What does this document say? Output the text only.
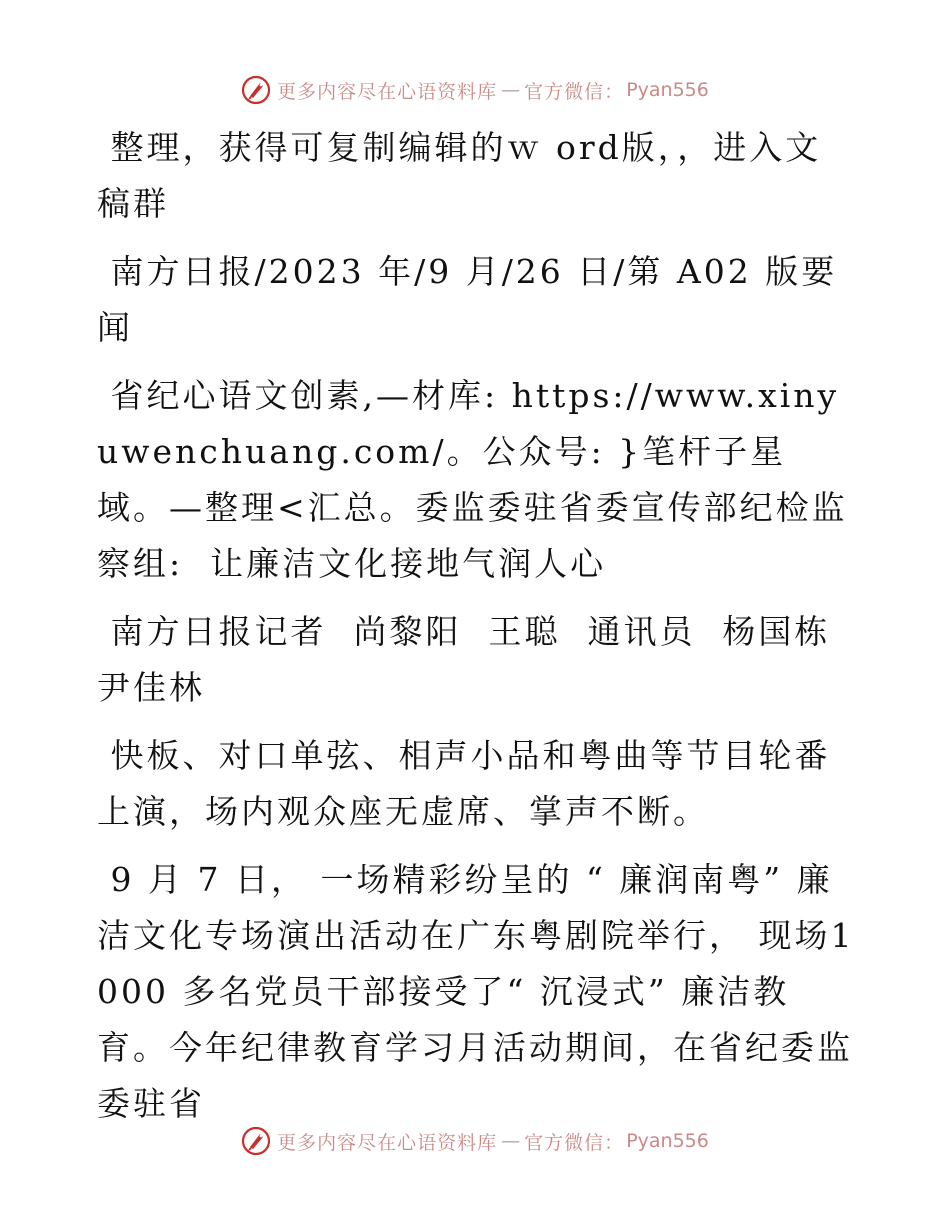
更多内容尽在心语资料库 — 官方微信： Pyan556

整理，获得可复制编辑的ｗ ord版，，进入文稿群

南方日报/2023 年/9 月/26 日/第 A02 版要闻

省纪心语文创素,—材库: https://www.xinyuwenchuang.com/。公众号: }笔杆子星域。—整理<汇总。委监委驻省委宣传部纪检监察组:  让廉洁文化接地气润人心

南方日报记者  尚黎阳  王聪  通讯员  杨国栋尹佳林

快板、对口单弦、相声小品和粤曲等节目轮番上演，场内观众座无虚席、掌声不断。

9 月 7 日， 一场精彩纷呈的 “ 廉润南粤” 廉洁文化专场演出活动在广东粤剧院举行， 现场1000 多名党员干部接受了“ 沉浸式” 廉洁教育。今年纪律教育学习月活动期间，在省纪委监委驻省

更多内容尽在心语资料库 — 官方微信： Pyan556
